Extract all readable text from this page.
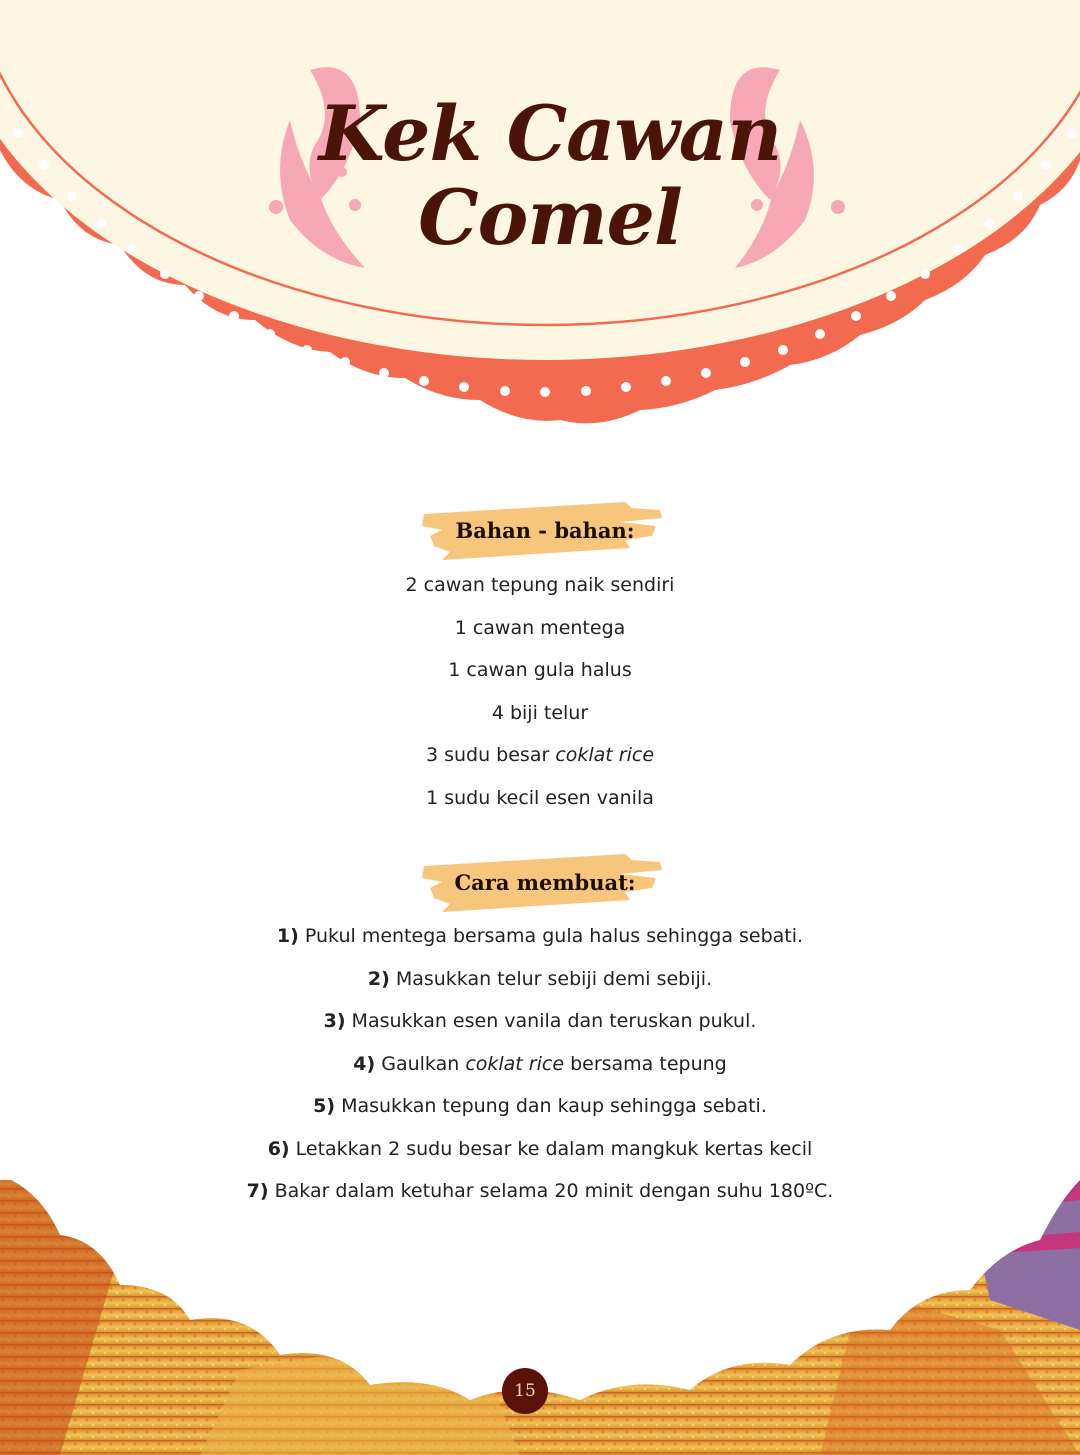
Kek Cawan
Comel
Bahan - bahan:
2 cawan tepung naik sendiri
1 cawan mentega
1 cawan gula halus
4 biji telur
3 sudu besar coklat rice
1 sudu kecil esen vanila
Cara membuat:
1) Pukul mentega bersama gula halus sehingga sebati.
2) Masukkan telur sebiji demi sebiji.
3) Masukkan esen vanila dan teruskan pukul.
4) Gaulkan coklat rice bersama tepung
5) Masukkan tepung dan kaup sehingga sebati.
6) Letakkan 2 sudu besar ke dalam mangkuk kertas kecil
7) Bakar dalam ketuhar selama 20 minit dengan suhu 180ºC.
15
